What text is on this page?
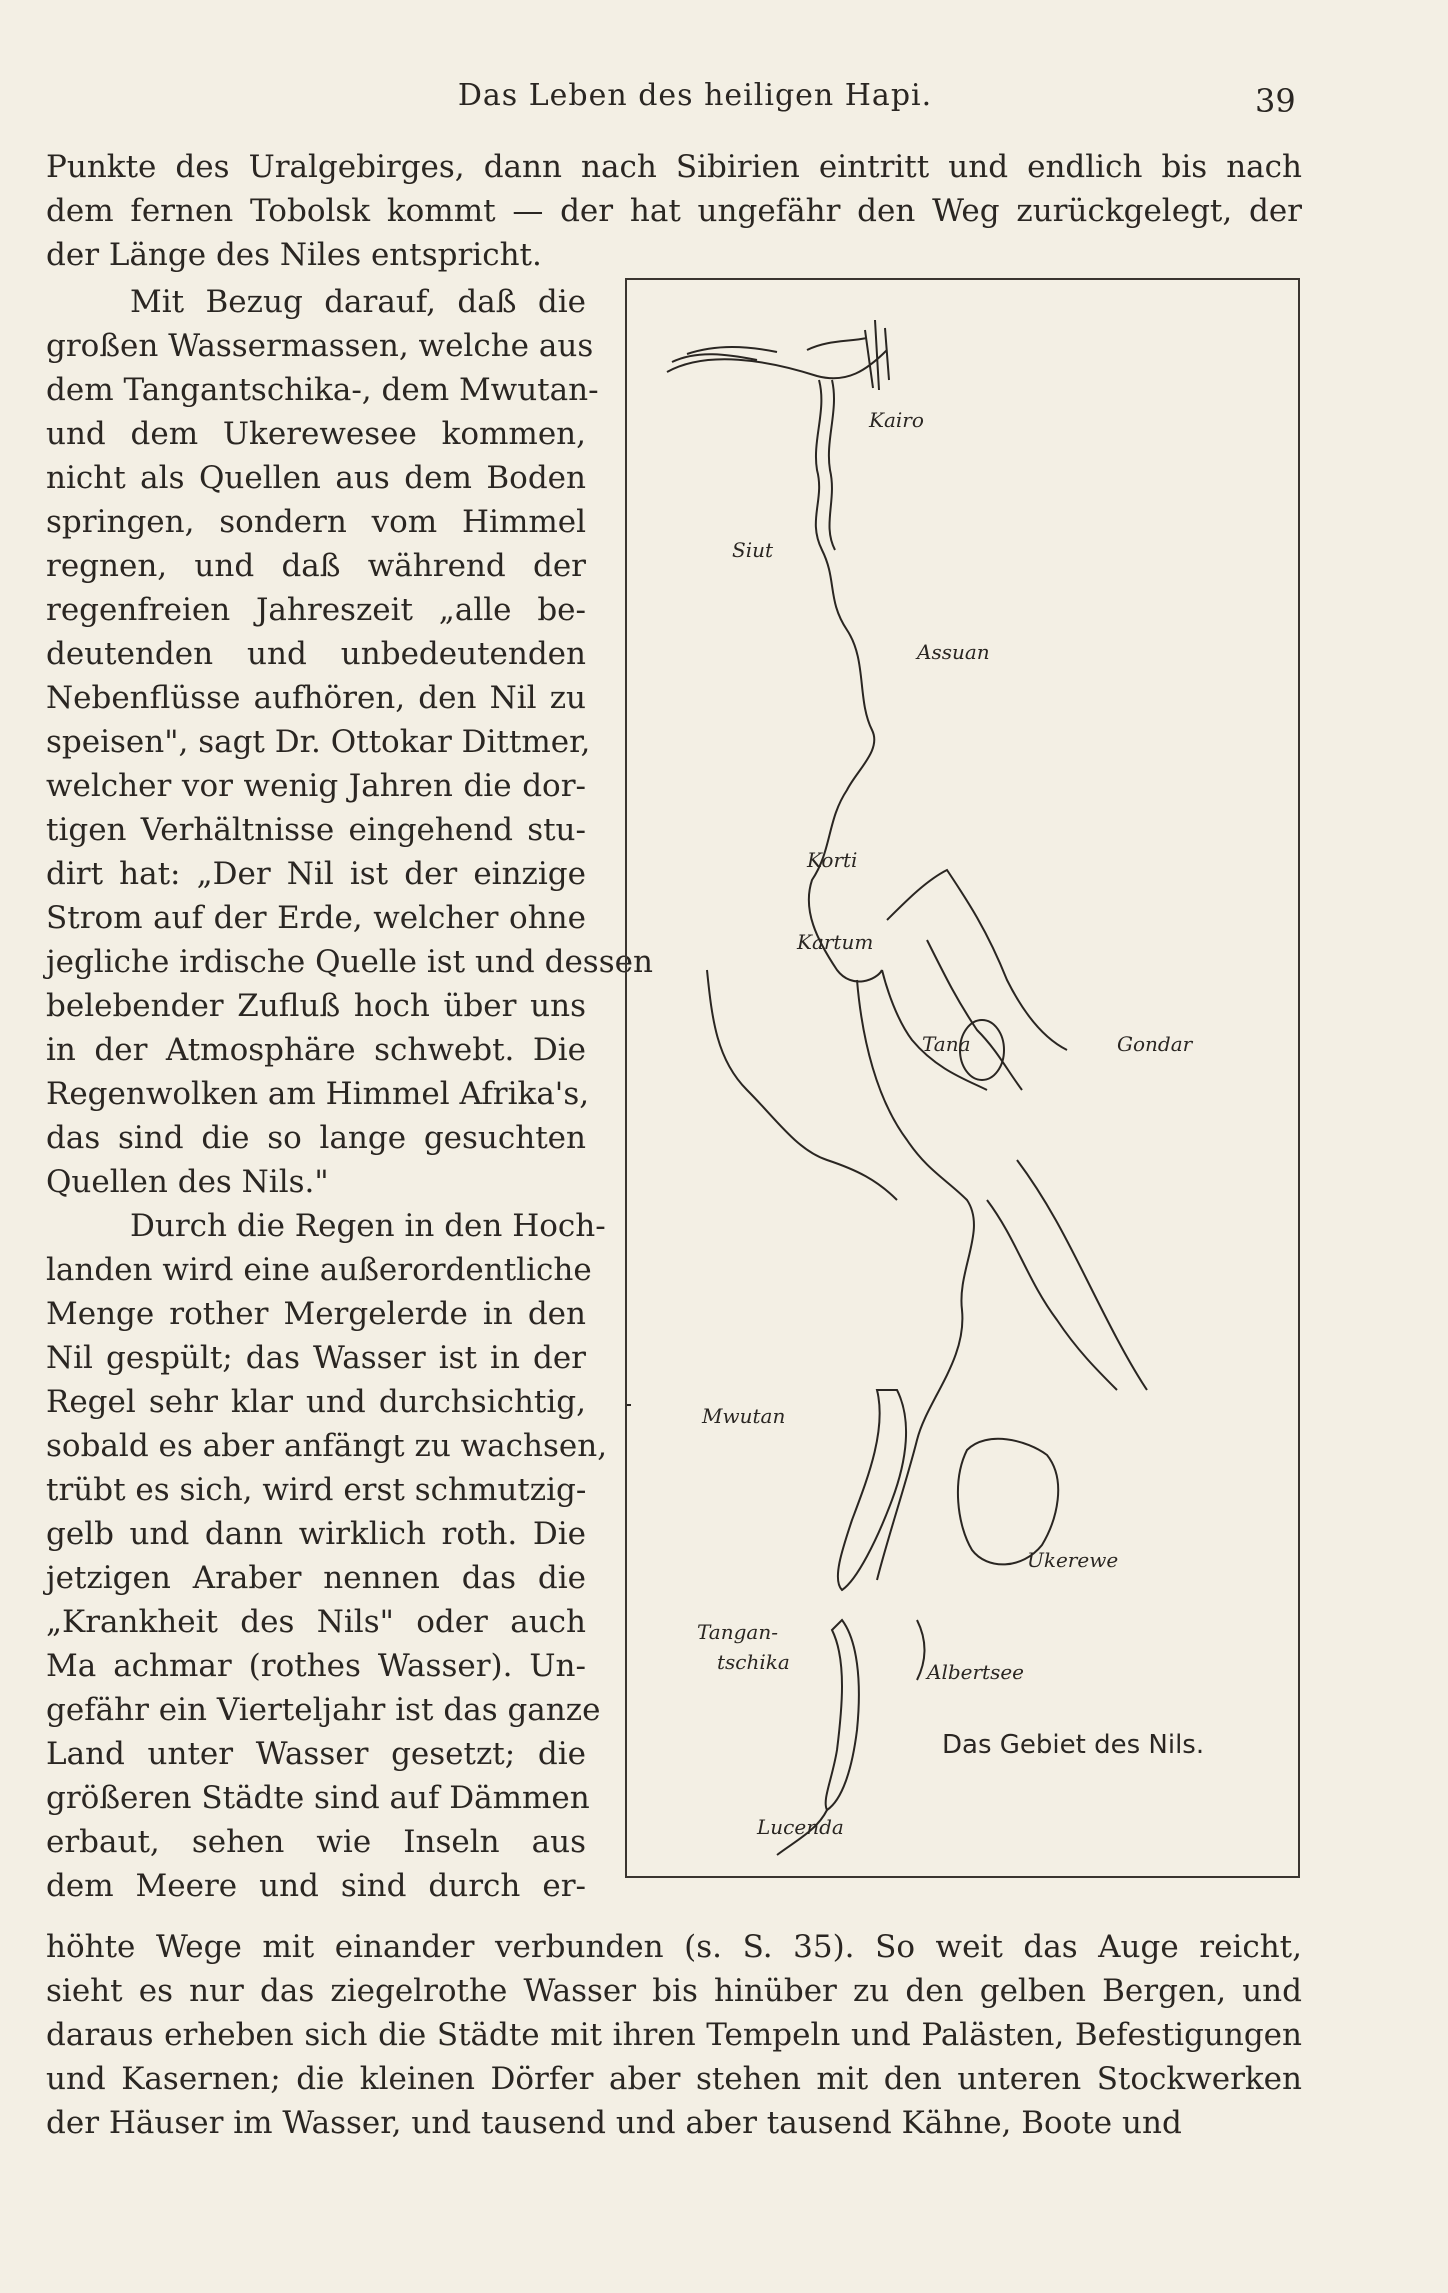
Das Leben des heiligen Hapi.	39
Punkte des Uralgebirges, dann nach Sibirien eintritt und endlich bis nach
dem fernen Tobolsk kommt — der hat ungefähr den Weg zurückgelegt, der
der Länge des Niles entspricht.
Mit Bezug darauf, daß die
großen Wassermassen, welche aus
dem Tangantschika-, dem Mwutan-
und dem Ukerewesee kommen,
nicht als Quellen aus dem Boden
springen, sondern vom Himmel
regnen, und daß während der
regenfreien Jahreszeit „alle be-
deutenden und unbedeutenden
Nebenflüsse aufhören, den Nil zu
speisen", sagt Dr. Ottokar Dittmer,
welcher vor wenig Jahren die dor-
tigen Verhältnisse eingehend stu-
dirt hat: „Der Nil ist der einzige
Strom auf der Erde, welcher ohne
jegliche irdische Quelle ist und dessen
belebender Zufluß hoch über uns
in der Atmosphäre schwebt. Die
Regenwolken am Himmel Afrika's,
das sind die so lange gesuchten
Quellen des Nils."
Durch die Regen in den Hoch-
landen wird eine außerordentliche
Menge rother Mergelerde in den
Nil gespült; das Wasser ist in der
Regel sehr klar und durchsichtig,
sobald es aber anfängt zu wachsen,
trübt es sich, wird erst schmutzig-
gelb und dann wirklich roth. Die
jetzigen Araber nennen das die
„Krankheit des Nils" oder auch
Ma achmar (rothes Wasser). Un-
gefähr ein Vierteljahr ist das ganze
Land unter Wasser gesetzt; die
größeren Städte sind auf Dämmen
erbaut, sehen wie Inseln aus
dem Meere und sind durch er-
höhte Wege mit einander verbunden (s. S. 35). So weit das Auge reicht,
sieht es nur das ziegelrothe Wasser bis hinüber zu den gelben Bergen, und
daraus erheben sich die Städte mit ihren Tempeln und Palästen, Befestigungen
und Kasernen; die kleinen Dörfer aber stehen mit den unteren Stockwerken
der Häuser im Wasser, und tausend und aber tausend Kähne, Boote und
Kairo
Siut
Assuan
Korti
Kartum
Tana	Gondar
Mwutan
Ukerewe
Tangan-
tschika	Albertsee
Lucenda
Das Gebiet des Nils.
